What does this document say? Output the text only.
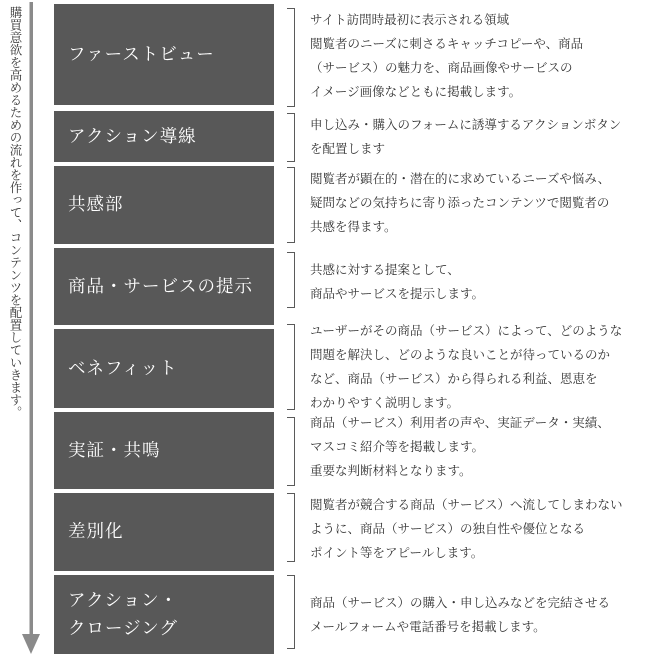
購買意欲を高めるための流れを作って、コンテンツを配置していきます。	ファーストビュー
サイト訪問時最初に表示される領域
閲覧者のニーズに刺さるキャッチコピーや、商品
（サービス）の魅力を、商品画像やサービスの
イメージ画像などともに掲載します。
アクション導線
申し込み・購入のフォームに誘導するアクションボタン
を配置します
共感部
閲覧者が顕在的・潜在的に求めているニーズや悩み、
疑問などの気持ちに寄り添ったコンテンツで閲覧者の
共感を得ます。
商品・サービスの提示
共感に対する提案として、
商品やサービスを提示します。
ベネフィット
ユーザーがその商品（サービス）によって、どのような
問題を解決し、どのような良いことが待っているのか
など、商品（サービス）から得られる利益、恩恵を
わかりやすく説明します。
実証・共鳴
商品（サービス）利用者の声や、実証データ・実績、
マスコミ紹介等を掲載します。
重要な判断材料となります。
差別化
閲覧者が競合する商品（サービス）へ流してしまわない
ように、商品（サービス）の独自性や優位となる
ポイント等をアピールします。
アクション・
クロージング
商品（サービス）の購入・申し込みなどを完結させる
メールフォームや電話番号を掲載します。
